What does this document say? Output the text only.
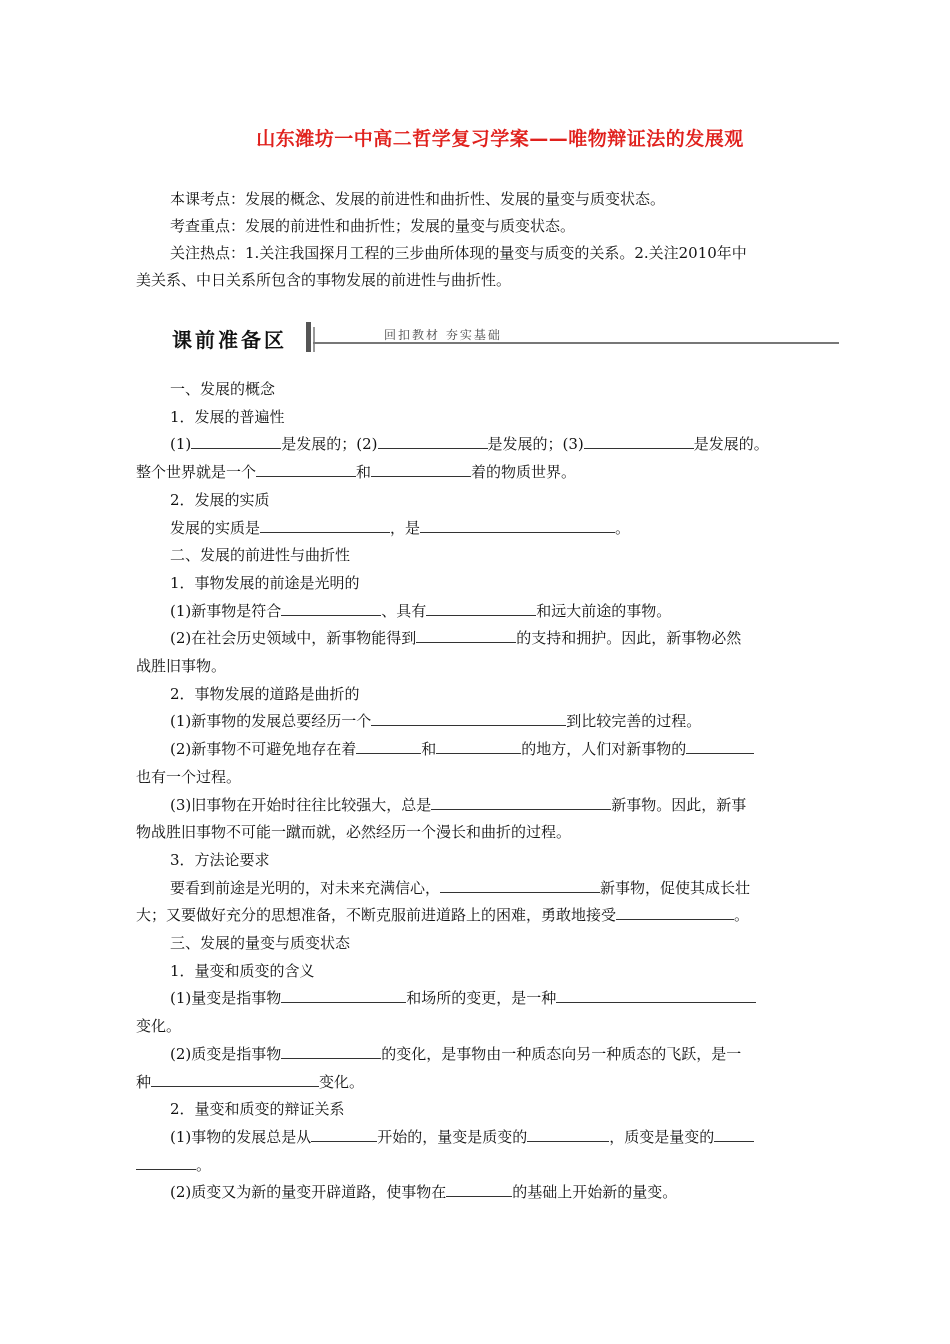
山东潍坊一中高二哲学复习学案——唯物辩证法的发展观

本课考点：发展的概念、发展的前进性和曲折性、发展的量变与质变状态。

考查重点：发展的前进性和曲折性；发展的量变与质变状态。

关注热点：1.关注我国探月工程的三步曲所体现的量变与质变的关系。2.关注2010年中

美关系、中日关系所包含的事物发展的前进性与曲折性。

课前准备区	回扣教材 夯实基础

一、发展的概念

1．发展的普遍性

(1)	是发展的；(2)	是发展的；(3)	是发展的。

整个世界就是一个	和	着的物质世界。

2．发展的实质

发展的实质是	，是	。

二、发展的前进性与曲折性

1．事物发展的前途是光明的

(1)新事物是符合	、具有	和远大前途的事物。

(2)在社会历史领域中，新事物能得到	的支持和拥护。因此，新事物必然

战胜旧事物。

2．事物发展的道路是曲折的

(1)新事物的发展总要经历一个	到比较完善的过程。

(2)新事物不可避免地存在着	和	的地方，人们对新事物的

也有一个过程。

(3)旧事物在开始时往往比较强大，总是	新事物。因此，新事

物战胜旧事物不可能一蹴而就，必然经历一个漫长和曲折的过程。

3．方法论要求

要看到前途是光明的，对未来充满信心，	新事物，促使其成长壮

大；又要做好充分的思想准备，不断克服前进道路上的困难，勇敢地接受	。

三、发展的量变与质变状态

1．量变和质变的含义

(1)量变是指事物	和场所的变更，是一种

变化。

(2)质变是指事物	的变化，是事物由一种质态向另一种质态的飞跃，是一

种	变化。

2．量变和质变的辩证关系

(1)事物的发展总是从	开始的，量变是质变的	，质变是量变的

。

(2)质变又为新的量变开辟道路，使事物在	的基础上开始新的量变。
